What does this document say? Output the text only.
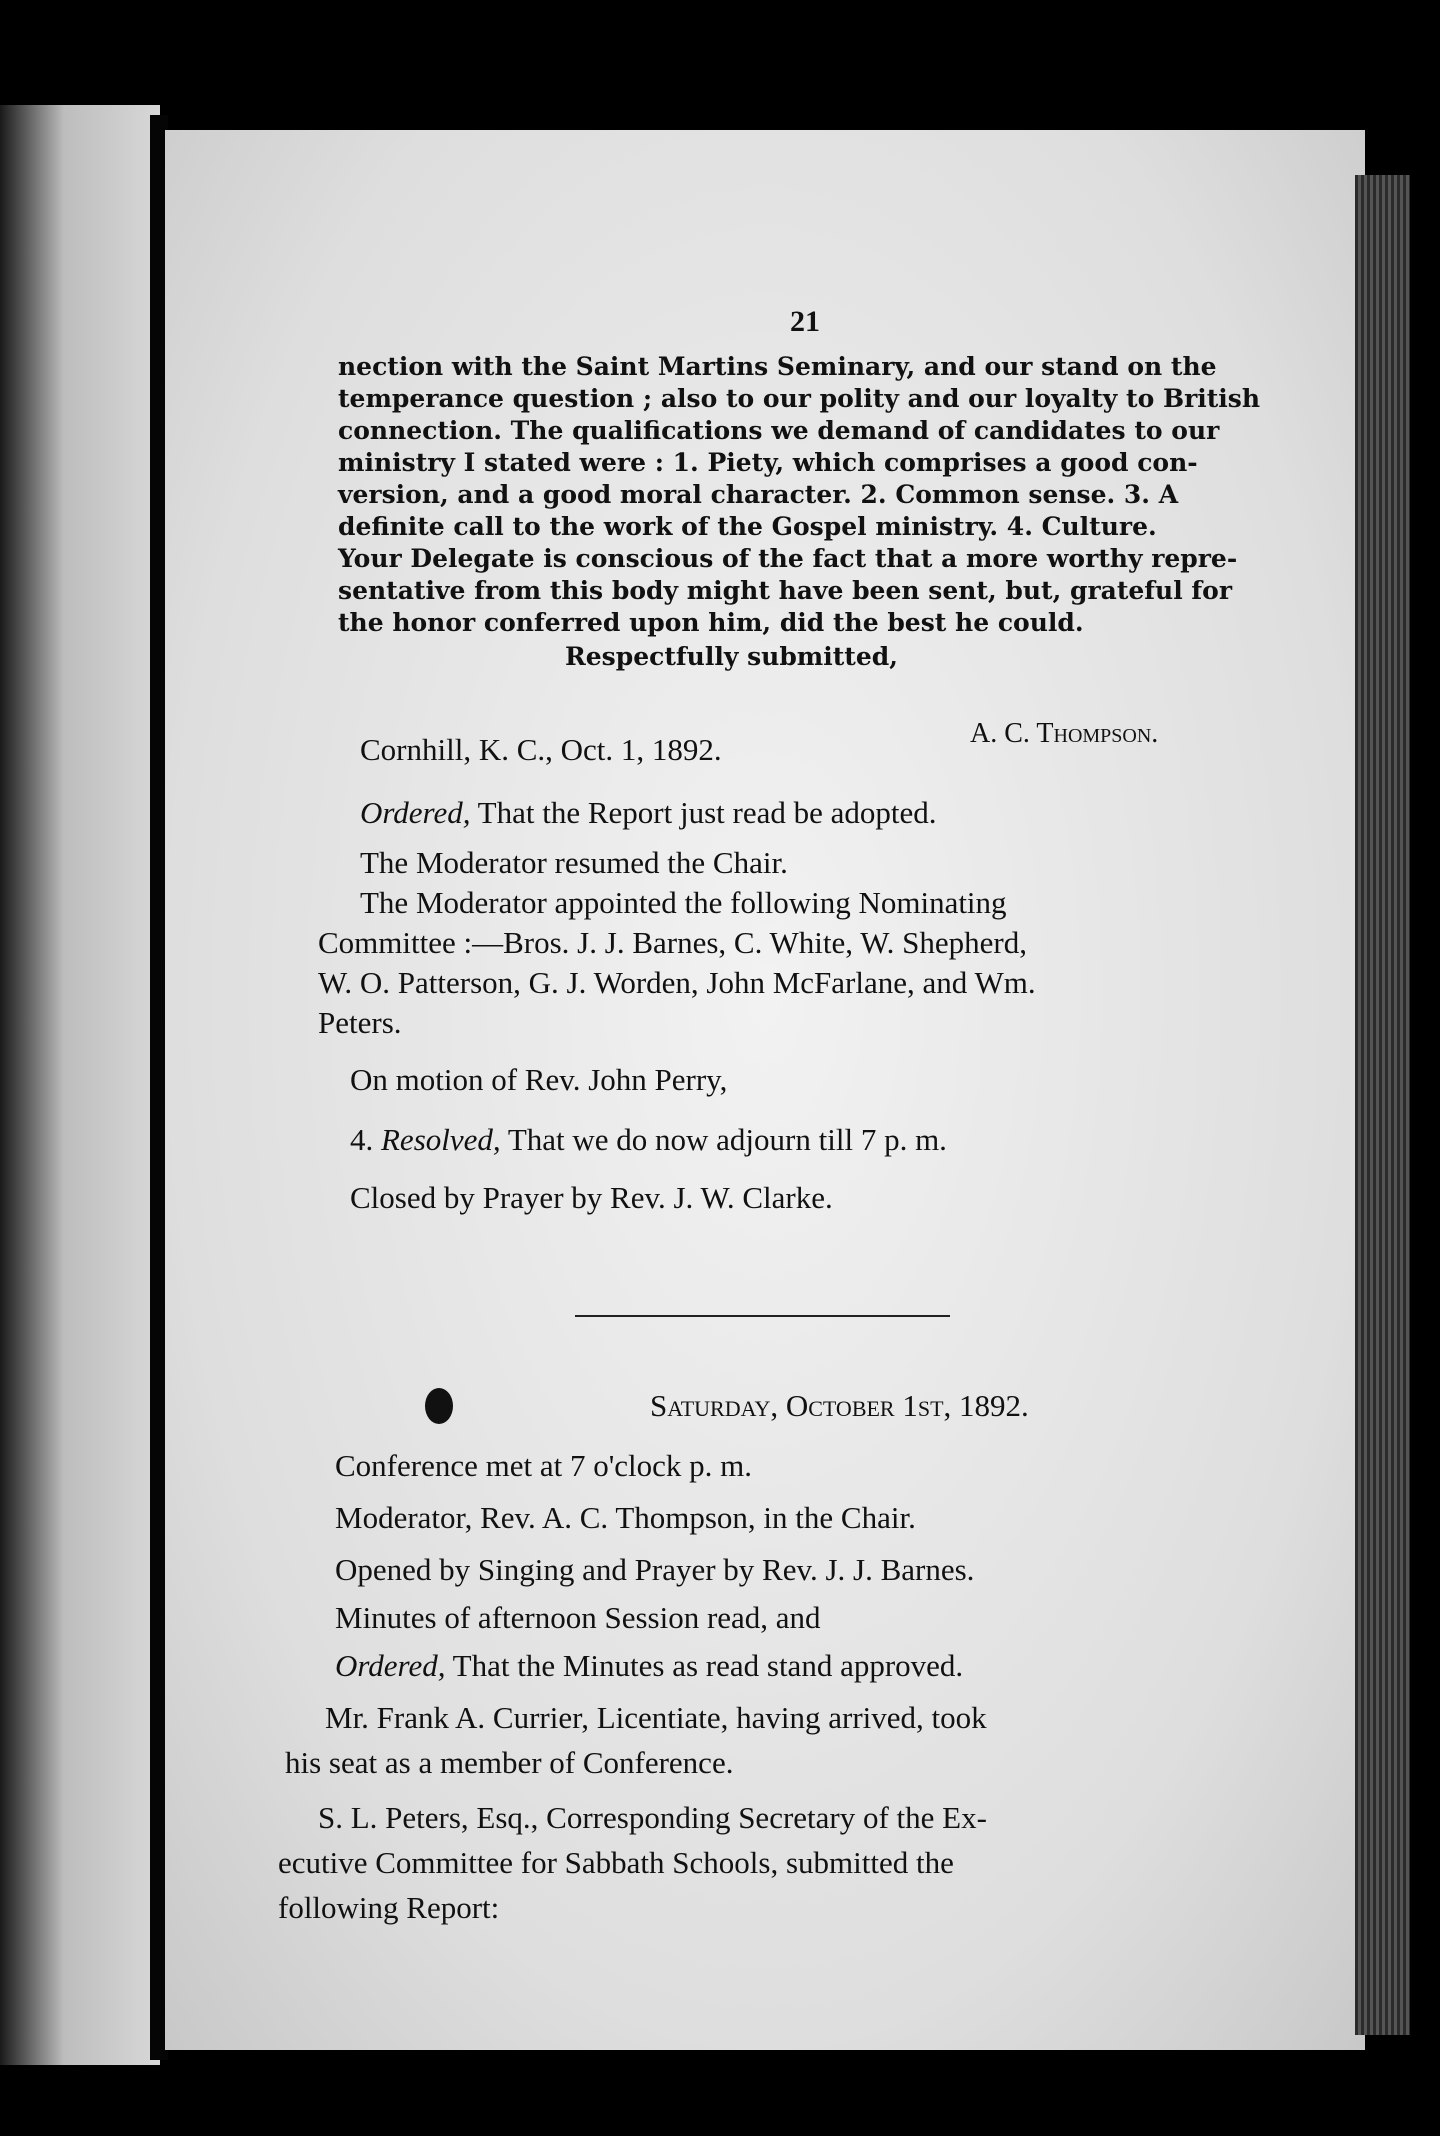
21

nection with the Saint Martins Seminary, and our stand on the

temperance question ; also to our polity and our loyalty to British

connection. The qualifications we demand of candidates to our

ministry I stated were : 1. Piety, which comprises a good con-

version, and a good moral character. 2. Common sense. 3. A

definite call to the work of the Gospel ministry. 4. Culture.

Your Delegate is conscious of the fact that a more worthy repre-

sentative from this body might have been sent, but, grateful for

the honor conferred upon him, did the best he could.

Respectfully submitted,

A. C. Thompson.

Cornhill, K. C., Oct. 1, 1892.

Ordered, That the Report just read be adopted.

The Moderator resumed the Chair.

The Moderator appointed the following Nominating

Committee :—Bros. J. J. Barnes, C. White, W. Shepherd,

W. O. Patterson, G. J. Worden, John McFarlane, and Wm.

Peters.

On motion of Rev. John Perry,

4. Resolved, That we do now adjourn till 7 p. m.

Closed by Prayer by Rev. J. W. Clarke.

Saturday, October 1st, 1892.

Conference met at 7 o'clock p. m.

Moderator, Rev. A. C. Thompson, in the Chair.

Opened by Singing and Prayer by Rev. J. J. Barnes.

Minutes of afternoon Session read, and

Ordered, That the Minutes as read stand approved.

Mr. Frank A. Currier, Licentiate, having arrived, took

his seat as a member of Conference.

S. L. Peters, Esq., Corresponding Secretary of the Ex-

ecutive Committee for Sabbath Schools, submitted the

following Report:
